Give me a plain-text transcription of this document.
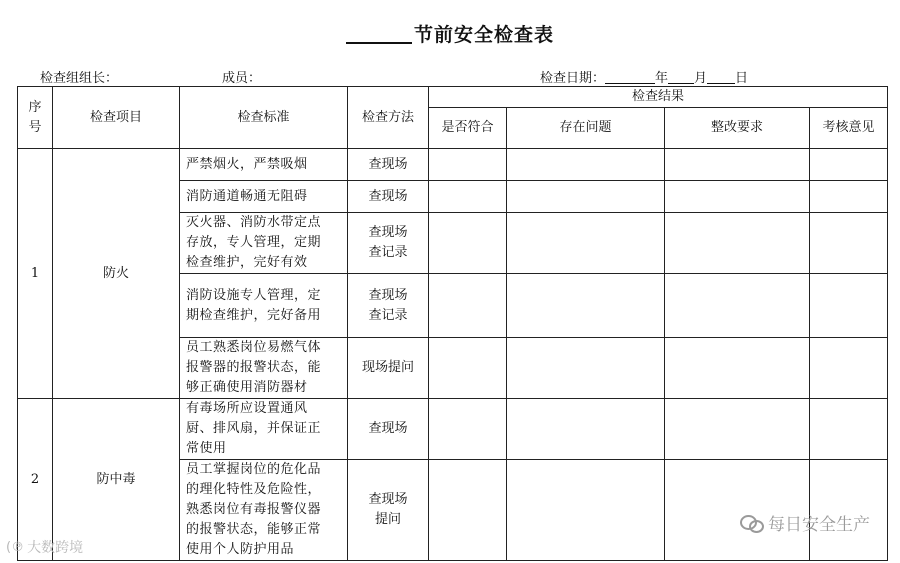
节前安全检查表
检查组组长：	成员：	检查日期：	年 月 日
序
号	检查项目	检查标准	检查方法	检查结果			
				是否符合	存在问题	整改要求	考核意见
1	防火	严禁烟火，严禁吸烟	查现场				
		消防通道畅通无阻碍	查现场				
		灭火器、消防水带定点
存放，专人管理，定期
检查维护，完好有效	查现场
查记录				
		消防设施专人管理，定
期检查维护，完好备用	查现场
查记录				
		员工熟悉岗位易燃气体
报警器的报警状态，能
够正确使用消防器材	现场提问				
2	防中毒	有毒场所应设置通风
厨、排风扇，并保证正
常使用	查现场				
		员工掌握岗位的危化品
的理化特性及危险性，
熟悉岗位有毒报警仪器
的报警状态，能够正常
使用个人防护用品	查现场
提问					每日安全生产
(⁠℗ 大数跨境
